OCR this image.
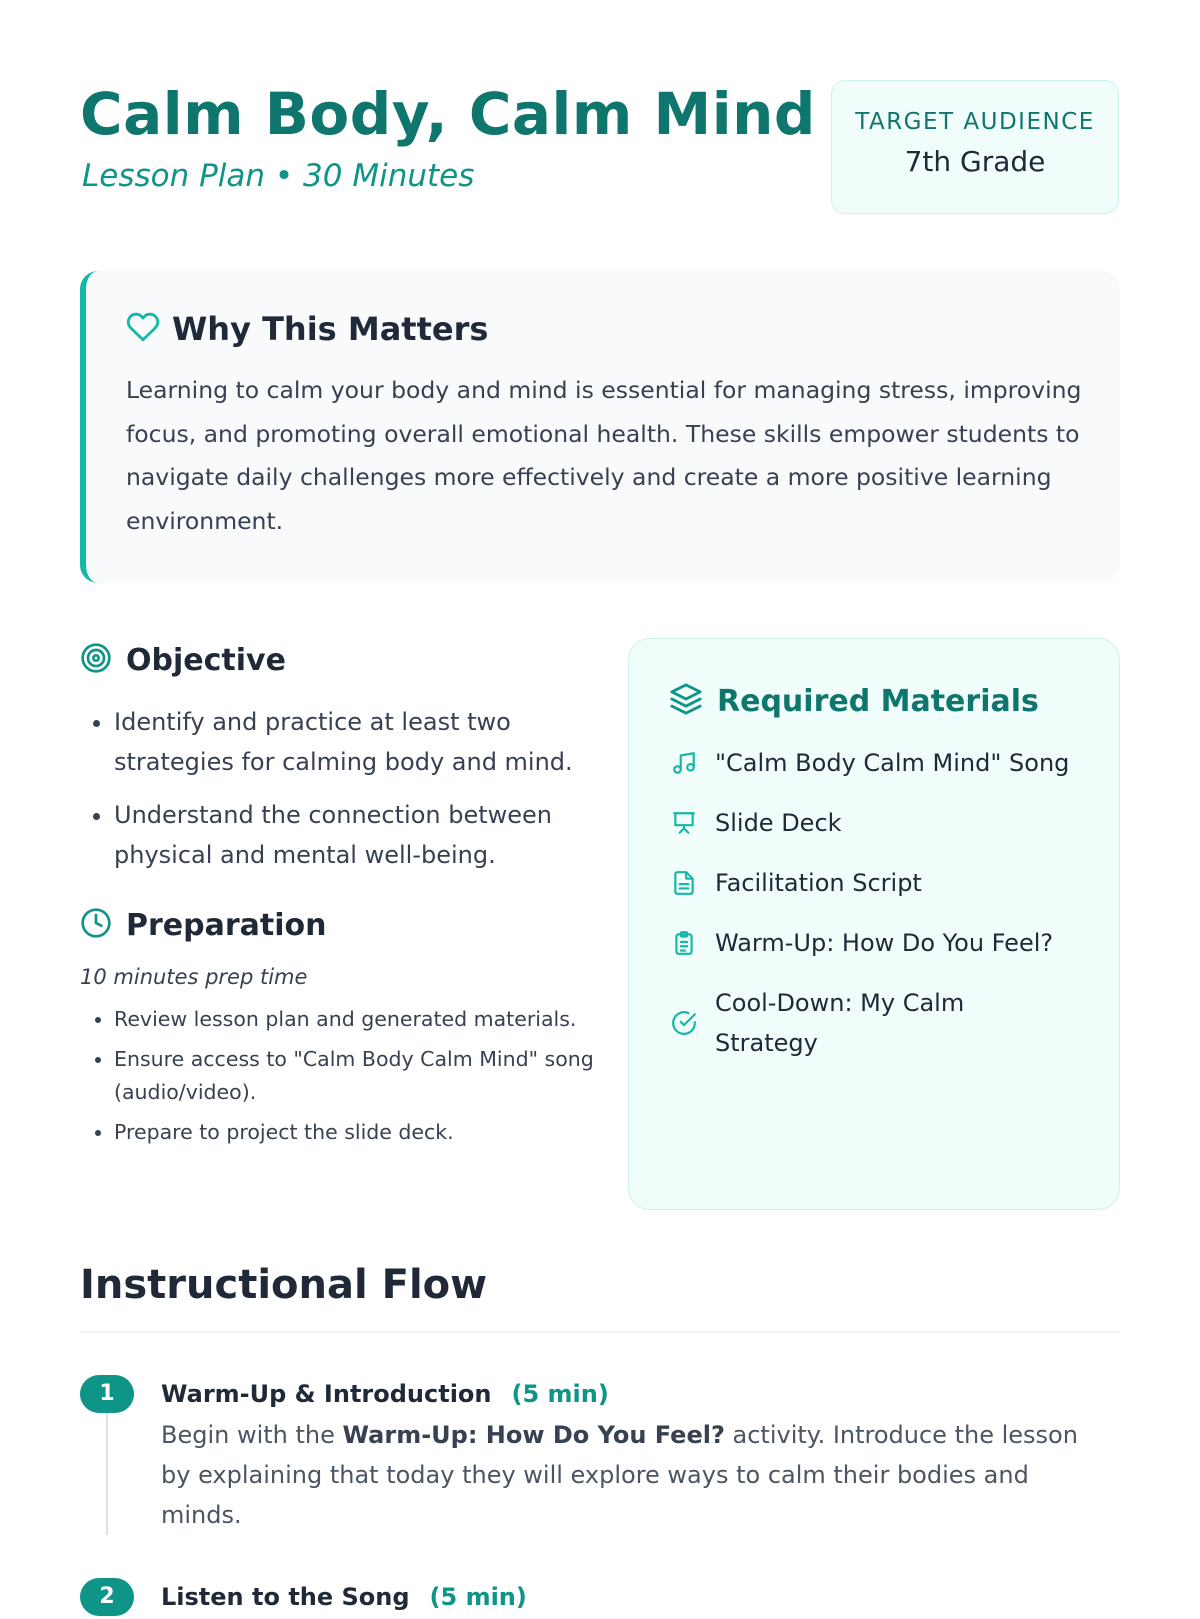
Calm Body, Calm Mind
Lesson Plan • 30 Minutes
TARGET AUDIENCE
7th Grade
Why This Matters
Learning to calm your body and mind is essential for managing stress, improving focus, and promoting overall emotional health. These skills empower students to navigate daily challenges more effectively and create a more positive learning environment.
Objective
• Identify and practice at least two strategies for calming body and mind.
• Understand the connection between physical and mental well-being.
Preparation
10 minutes prep time
• Review lesson plan and generated materials.
• Ensure access to "Calm Body Calm Mind" song (audio/video).
• Prepare to project the slide deck.
Required Materials
"Calm Body Calm Mind" Song
Slide Deck
Facilitation Script
Warm-Up: How Do You Feel?
Cool-Down: My Calm Strategy
Instructional Flow
1	Warm-Up & Introduction (5 min)
Begin with the Warm-Up: How Do You Feel? activity. Introduce the lesson by explaining that today they will explore ways to calm their bodies and minds.
2	Listen to the Song (5 min)
